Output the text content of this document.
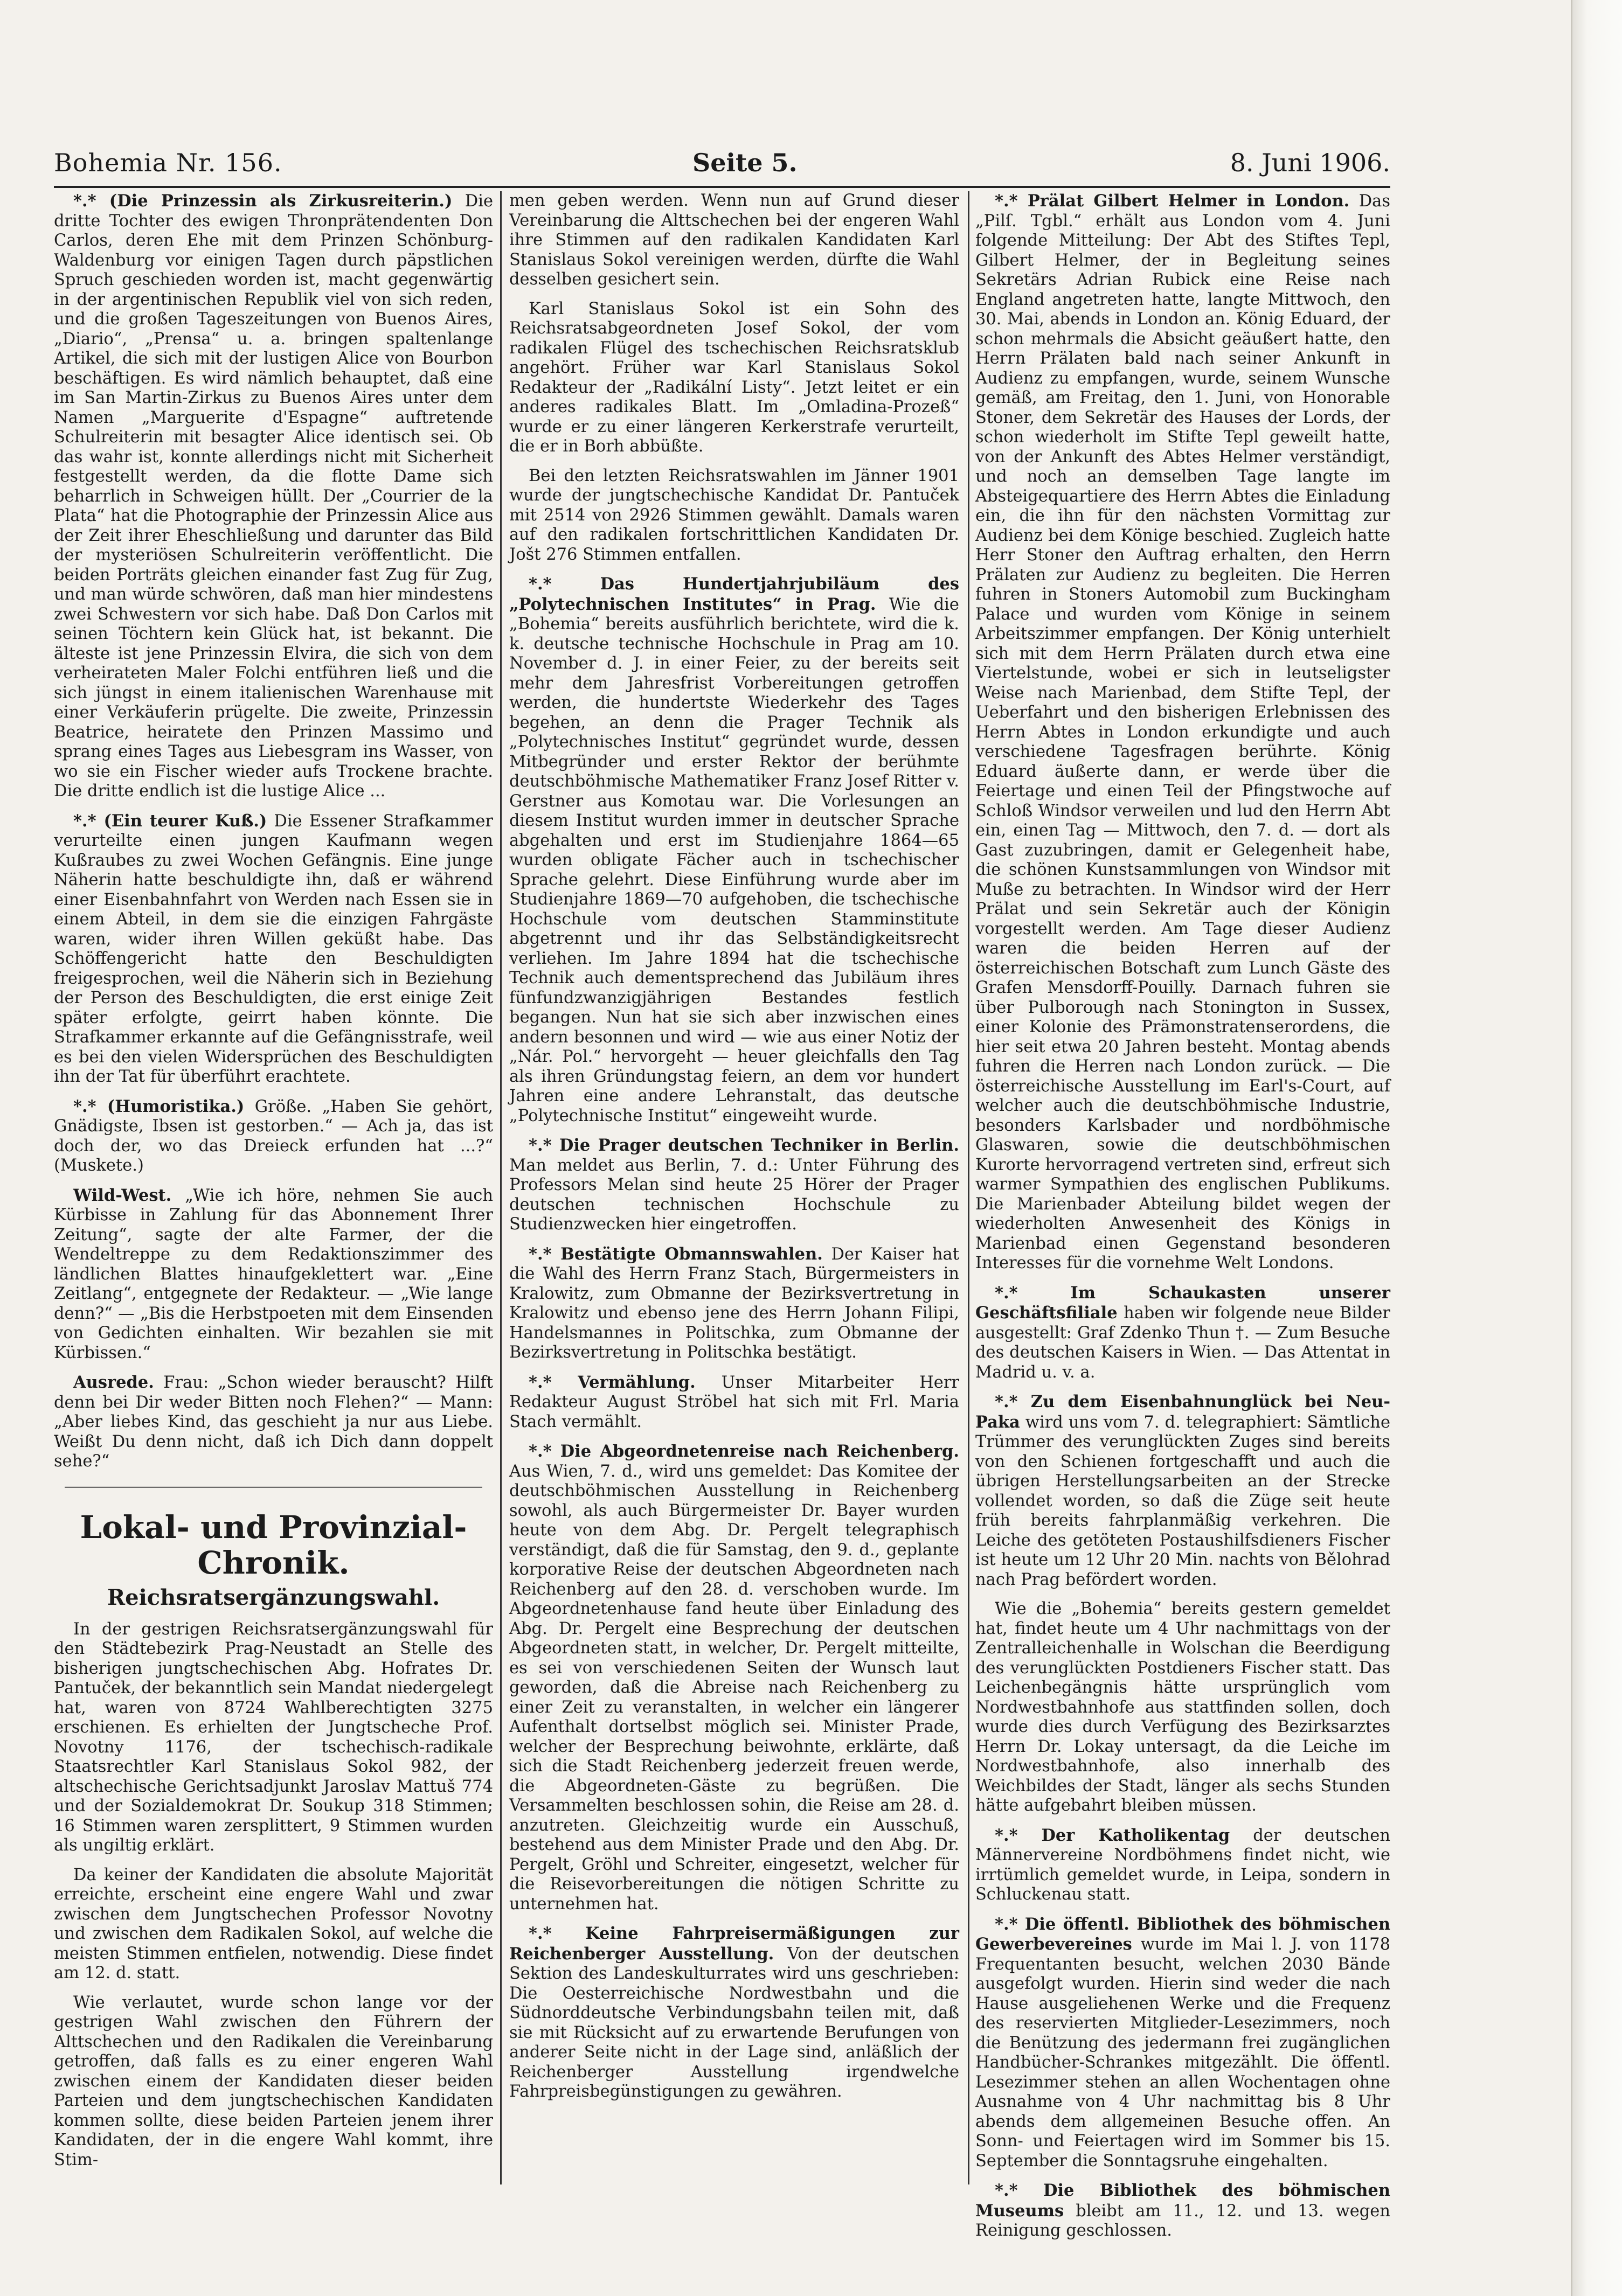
Bohemia Nr. 156.	Seite 5.	8. Juni 1906.

*.* (Die Prinzessin als Zirkusreiterin.) Die dritte Tochter des ewigen Thronprätendenten Don Carlos, deren Ehe mit dem Prinzen Schönburg-Waldenburg vor einigen Tagen durch päpstlichen Spruch geschieden worden ist, macht gegenwärtig in der argentinischen Republik viel von sich reden, und die großen Tageszeitungen von Buenos Aires, „Diario“, „Prensa“ u. a. bringen spaltenlange Artikel, die sich mit der lustigen Alice von Bourbon beschäftigen. Es wird nämlich behauptet, daß eine im San Martin-Zirkus zu Buenos Aires unter dem Namen „Marguerite d'Espagne“ auftretende Schulreiterin mit besagter Alice identisch sei. Ob das wahr ist, konnte allerdings nicht mit Sicherheit festgestellt werden, da die flotte Dame sich beharrlich in Schweigen hüllt. Der „Courrier de la Plata“ hat die Photographie der Prinzessin Alice aus der Zeit ihrer Eheschließung und darunter das Bild der mysteriösen Schulreiterin veröffentlicht. Die beiden Porträts gleichen einander fast Zug für Zug, und man würde schwören, daß man hier mindestens zwei Schwestern vor sich habe. Daß Don Carlos mit seinen Töchtern kein Glück hat, ist bekannt. Die älteste ist jene Prinzessin Elvira, die sich von dem verheirateten Maler Folchi entführen ließ und die sich jüngst in einem italienischen Warenhause mit einer Verkäuferin prügelte. Die zweite, Prinzessin Beatrice, heiratete den Prinzen Massimo und sprang eines Tages aus Liebesgram ins Wasser, von wo sie ein Fischer wieder aufs Trockene brachte. Die dritte endlich ist die lustige Alice ...

*.* (Ein teurer Kuß.) Die Essener Strafkammer verurteilte einen jungen Kaufmann wegen Kußraubes zu zwei Wochen Gefängnis. Eine junge Näherin hatte beschuldigte ihn, daß er während einer Eisenbahnfahrt von Werden nach Essen sie in einem Abteil, in dem sie die einzigen Fahrgäste waren, wider ihren Willen geküßt habe. Das Schöffengericht hatte den Beschuldigten freigesprochen, weil die Näherin sich in Beziehung der Person des Beschuldigten, die erst einige Zeit später erfolgte, geirrt haben könnte. Die Strafkammer erkannte auf die Gefängnisstrafe, weil es bei den vielen Widersprüchen des Beschuldigten ihn der Tat für überführt erachtete.

*.* (Humoristika.) Größe. „Haben Sie gehört, Gnädigste, Ibsen ist gestorben.“ — Ach ja, das ist doch der, wo das Dreieck erfunden hat ...?“ (Muskete.)

Wild-West. „Wie ich höre, nehmen Sie auch Kürbisse in Zahlung für das Abonnement Ihrer Zeitung“, sagte der alte Farmer, der die Wendeltreppe zu dem Redaktionszimmer des ländlichen Blattes hinaufgeklettert war. „Eine Zeitlang“, entgegnete der Redakteur. — „Wie lange denn?“ — „Bis die Herbstpoeten mit dem Einsenden von Gedichten einhalten. Wir bezahlen sie mit Kürbissen.“

Ausrede. Frau: „Schon wieder berauscht? Hilft denn bei Dir weder Bitten noch Flehen?“ — Mann: „Aber liebes Kind, das geschieht ja nur aus Liebe. Weißt Du denn nicht, daß ich Dich dann doppelt sehe?“

Lokal- und Provinzial-Chronik.
Reichsratsergänzungswahl.

In der gestrigen Reichsratsergänzungswahl für den Städtebezirk Prag-Neustadt an Stelle des bisherigen jungtschechischen Abg. Hofrates Dr. Pantuček, der bekanntlich sein Mandat niedergelegt hat, waren von 8724 Wahlberechtigten 3275 erschienen. Es erhielten der Jungtscheche Prof. Novotny 1176, der tschechisch-radikale Staatsrechtler Karl Stanislaus Sokol 982, der altschechische Gerichtsadjunkt Jaroslav Mattuš 774 und der Sozialdemokrat Dr. Soukup 318 Stimmen; 16 Stimmen waren zersplittert, 9 Stimmen wurden als ungiltig erklärt.

Da keiner der Kandidaten die absolute Majorität erreichte, erscheint eine engere Wahl und zwar zwischen dem Jungtschechen Professor Novotny und zwischen dem Radikalen Sokol, auf welche die meisten Stimmen entfielen, notwendig. Diese findet am 12. d. statt.

Wie verlautet, wurde schon lange vor der gestrigen Wahl zwischen den Führern der Alttschechen und den Radikalen die Vereinbarung getroffen, daß falls es zu einer engeren Wahl zwischen einem der Kandidaten dieser beiden Parteien und dem jungtschechischen Kandidaten kommen sollte, diese beiden Parteien jenem ihrer Kandidaten, der in die engere Wahl kommt, ihre Stim-

men geben werden. Wenn nun auf Grund dieser Vereinbarung die Alttschechen bei der engeren Wahl ihre Stimmen auf den radikalen Kandidaten Karl Stanislaus Sokol vereinigen werden, dürfte die Wahl desselben gesichert sein.

Karl Stanislaus Sokol ist ein Sohn des Reichsratsabgeordneten Josef Sokol, der vom radikalen Flügel des tschechischen Reichsratsklub angehört. Früher war Karl Stanislaus Sokol Redakteur der „Radikální Listy“. Jetzt leitet er ein anderes radikales Blatt. Im „Omladina-Prozeß“ wurde er zu einer längeren Kerkerstrafe verurteilt, die er in Borh abbüßte.

Bei den letzten Reichsratswahlen im Jänner 1901 wurde der jungtschechische Kandidat Dr. Pantuček mit 2514 von 2926 Stimmen gewählt. Damals waren auf den radikalen fortschrittlichen Kandidaten Dr. Jošt 276 Stimmen entfallen.

*.* Das Hundertjahrjubiläum des „Polytechnischen Institutes“ in Prag. Wie die „Bohemia“ bereits ausführlich berichtete, wird die k. k. deutsche technische Hochschule in Prag am 10. November d. J. in einer Feier, zu der bereits seit mehr dem Jahresfrist Vorbereitungen getroffen werden, die hundertste Wiederkehr des Tages begehen, an denn die Prager Technik als „Polytechnisches Institut“ gegründet wurde, dessen Mitbegründer und erster Rektor der berühmte deutschböhmische Mathematiker Franz Josef Ritter v. Gerstner aus Komotau war. Die Vorlesungen an diesem Institut wurden immer in deutscher Sprache abgehalten und erst im Studienjahre 1864—65 wurden obligate Fächer auch in tschechischer Sprache gelehrt. Diese Einführung wurde aber im Studienjahre 1869—70 aufgehoben, die tschechische Hochschule vom deutschen Stamminstitute abgetrennt und ihr das Selbständigkeitsrecht verliehen. Im Jahre 1894 hat die tschechische Technik auch dementsprechend das Jubiläum ihres fünfundzwanzigjährigen Bestandes festlich begangen. Nun hat sie sich aber inzwischen eines andern besonnen und wird — wie aus einer Notiz der „Nár. Pol.“ hervorgeht — heuer gleichfalls den Tag als ihren Gründungstag feiern, an dem vor hundert Jahren eine andere Lehranstalt, das deutsche „Polytechnische Institut“ eingeweiht wurde.

*.* Die Prager deutschen Techniker in Berlin. Man meldet aus Berlin, 7. d.: Unter Führung des Professors Melan sind heute 25 Hörer der Prager deutschen technischen Hochschule zu Studienzwecken hier eingetroffen.

*.* Bestätigte Obmannswahlen. Der Kaiser hat die Wahl des Herrn Franz Stach, Bürgermeisters in Kralowitz, zum Obmanne der Bezirksvertretung in Kralowitz und ebenso jene des Herrn Johann Filipi, Handelsmannes in Politschka, zum Obmanne der Bezirksvertretung in Politschka bestätigt.

*.* Vermählung. Unser Mitarbeiter Herr Redakteur August Ströbel hat sich mit Frl. Maria Stach vermählt.

*.* Die Abgeordnetenreise nach Reichenberg. Aus Wien, 7. d., wird uns gemeldet: Das Komitee der deutschböhmischen Ausstellung in Reichenberg sowohl, als auch Bürgermeister Dr. Bayer wurden heute von dem Abg. Dr. Pergelt telegraphisch verständigt, daß die für Samstag, den 9. d., geplante korporative Reise der deutschen Abgeordneten nach Reichenberg auf den 28. d. verschoben wurde. Im Abgeordnetenhause fand heute über Einladung des Abg. Dr. Pergelt eine Besprechung der deutschen Abgeordneten statt, in welcher, Dr. Pergelt mitteilte, es sei von verschiedenen Seiten der Wunsch laut geworden, daß die Abreise nach Reichenberg zu einer Zeit zu veranstalten, in welcher ein längerer Aufenthalt dortselbst möglich sei. Minister Prade, welcher der Besprechung beiwohnte, erklärte, daß sich die Stadt Reichenberg jederzeit freuen werde, die Abgeordneten-Gäste zu begrüßen. Die Versammelten beschlossen sohin, die Reise am 28. d. anzutreten. Gleichzeitig wurde ein Ausschuß, bestehend aus dem Minister Prade und den Abg. Dr. Pergelt, Gröhl und Schreiter, eingesetzt, welcher für die Reisevorbereitungen die nötigen Schritte zu unternehmen hat.

*.* Keine Fahrpreisermäßigungen zur Reichenberger Ausstellung. Von der deutschen Sektion des Landeskulturrates wird uns geschrieben: Die Oesterreichische Nordwestbahn und die Südnorddeutsche Verbindungsbahn teilen mit, daß sie mit Rücksicht auf zu erwartende Berufungen von anderer Seite nicht in der Lage sind, anläßlich der Reichenberger Ausstellung irgendwelche Fahrpreisbegünstigungen zu gewähren.

*.* Prälat Gilbert Helmer in London. Das „Pilſ. Tgbl.“ erhält aus London vom 4. Juni folgende Mitteilung: Der Abt des Stiftes Tepl, Gilbert Helmer, der in Begleitung seines Sekretärs Adrian Rubick eine Reise nach England angetreten hatte, langte Mittwoch, den 30. Mai, abends in London an. König Eduard, der schon mehrmals die Absicht geäußert hatte, den Herrn Prälaten bald nach seiner Ankunft in Audienz zu empfangen, wurde, seinem Wunsche gemäß, am Freitag, den 1. Juni, von Honorable Stoner, dem Sekretär des Hauses der Lords, der schon wiederholt im Stifte Tepl geweilt hatte, von der Ankunft des Abtes Helmer verständigt, und noch an demselben Tage langte im Absteigequartiere des Herrn Abtes die Einladung ein, die ihn für den nächsten Vormittag zur Audienz bei dem Könige beschied. Zugleich hatte Herr Stoner den Auftrag erhalten, den Herrn Prälaten zur Audienz zu begleiten. Die Herren fuhren in Stoners Automobil zum Buckingham Palace und wurden vom Könige in seinem Arbeitszimmer empfangen. Der König unterhielt sich mit dem Herrn Prälaten durch etwa eine Viertelstunde, wobei er sich in leutseligster Weise nach Marienbad, dem Stifte Tepl, der Ueberfahrt und den bisherigen Erlebnissen des Herrn Abtes in London erkundigte und auch verschiedene Tagesfragen berührte. König Eduard äußerte dann, er werde über die Feiertage und einen Teil der Pfingstwoche auf Schloß Windsor verweilen und lud den Herrn Abt ein, einen Tag — Mittwoch, den 7. d. — dort als Gast zuzubringen, damit er Gelegenheit habe, die schönen Kunstsammlungen von Windsor mit Muße zu betrachten. In Windsor wird der Herr Prälat und sein Sekretär auch der Königin vorgestellt werden. Am Tage dieser Audienz waren die beiden Herren auf der österreichischen Botschaft zum Lunch Gäste des Grafen Mensdorff-Pouilly. Darnach fuhren sie über Pulborough nach Stonington in Sussex, einer Kolonie des Prämonstratenserordens, die hier seit etwa 20 Jahren besteht. Montag abends fuhren die Herren nach London zurück. — Die österreichische Ausstellung im Earl's-Court, auf welcher auch die deutschböhmische Industrie, besonders Karlsbader und nordböhmische Glaswaren, sowie die deutschböhmischen Kurorte hervorragend vertreten sind, erfreut sich warmer Sympathien des englischen Publikums. Die Marienbader Abteilung bildet wegen der wiederholten Anwesenheit des Königs in Marienbad einen Gegenstand besonderen Interesses für die vornehme Welt Londons.

*.* Im Schaukasten unserer Geschäftsfiliale haben wir folgende neue Bilder ausgestellt: Graf Zdenko Thun †. — Zum Besuche des deutschen Kaisers in Wien. — Das Attentat in Madrid u. v. a.

*.* Zu dem Eisenbahnunglück bei Neu-Paka wird uns vom 7. d. telegraphiert: Sämtliche Trümmer des verunglückten Zuges sind bereits von den Schienen fortgeschafft und auch die übrigen Herstellungsarbeiten an der Strecke vollendet worden, so daß die Züge seit heute früh bereits fahrplanmäßig verkehren. Die Leiche des getöteten Postaushilfsdieners Fischer ist heute um 12 Uhr 20 Min. nachts von Bělohrad nach Prag befördert worden.

Wie die „Bohemia“ bereits gestern gemeldet hat, findet heute um 4 Uhr nachmittags von der Zentralleichenhalle in Wolschan die Beerdigung des verunglückten Postdieners Fischer statt. Das Leichenbegängnis hätte ursprünglich vom Nordwestbahnhofe aus stattfinden sollen, doch wurde dies durch Verfügung des Bezirksarztes Herrn Dr. Lokay untersagt, da die Leiche im Nordwestbahnhofe, also innerhalb des Weichbildes der Stadt, länger als sechs Stunden hätte aufgebahrt bleiben müssen.

*.* Der Katholikentag der deutschen Männervereine Nordböhmens findet nicht, wie irrtümlich gemeldet wurde, in Leipa, sondern in Schluckenau statt.

*.* Die öffentl. Bibliothek des böhmischen Gewerbevereines wurde im Mai l. J. von 1178 Frequentanten besucht, welchen 2030 Bände ausgefolgt wurden. Hierin sind weder die nach Hause ausgeliehenen Werke und die Frequenz des reservierten Mitglieder-Lesezimmers, noch die Benützung des jedermann frei zugänglichen Handbücher-Schrankes mitgezählt. Die öffentl. Lesezimmer stehen an allen Wochentagen ohne Ausnahme von 4 Uhr nachmittag bis 8 Uhr abends dem allgemeinen Besuche offen. An Sonn- und Feiertagen wird im Sommer bis 15. September die Sonntagsruhe eingehalten.

*.* Die Bibliothek des böhmischen Museums bleibt am 11., 12. und 13. wegen Reinigung geschlossen.
